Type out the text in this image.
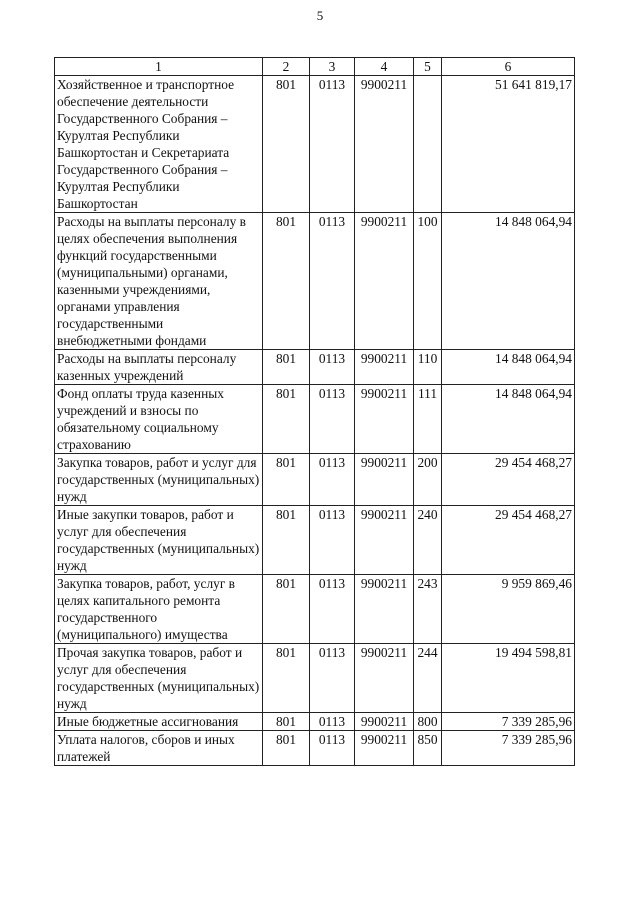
5
1	2	3	4	5	6
Хозяйственное и транспортное обеспечение деятельности Государственного Собрания – Курултая Республики Башкортостан и Секретариата Государственного Собрания – Курултая Республики Башкортостан	801	0113	9900211		51 641 819,17
Расходы на выплаты персоналу в целях обеспечения выполнения функций государственными (муниципальными) органами, казенными учреждениями, органами управления государственными внебюджетными фондами	801	0113	9900211	100	14 848 064,94
Расходы на выплаты персоналу казенных учреждений	801	0113	9900211	110	14 848 064,94
Фонд оплаты труда казенных учреждений и взносы по обязательному социальному страхованию	801	0113	9900211	111	14 848 064,94
Закупка товаров, работ и услуг для государственных (муниципальных) нужд	801	0113	9900211	200	29 454 468,27
Иные закупки товаров, работ и услуг для обеспечения государственных (муниципальных) нужд	801	0113	9900211	240	29 454 468,27
Закупка товаров, работ, услуг в целях капитального ремонта государственного (муниципального) имущества	801	0113	9900211	243	9 959 869,46
Прочая закупка товаров, работ и услуг для обеспечения государственных (муниципальных) нужд	801	0113	9900211	244	19 494 598,81
Иные бюджетные ассигнования	801	0113	9900211	800	7 339 285,96
Уплата налогов, сборов и иных платежей	801	0113	9900211	850	7 339 285,96
